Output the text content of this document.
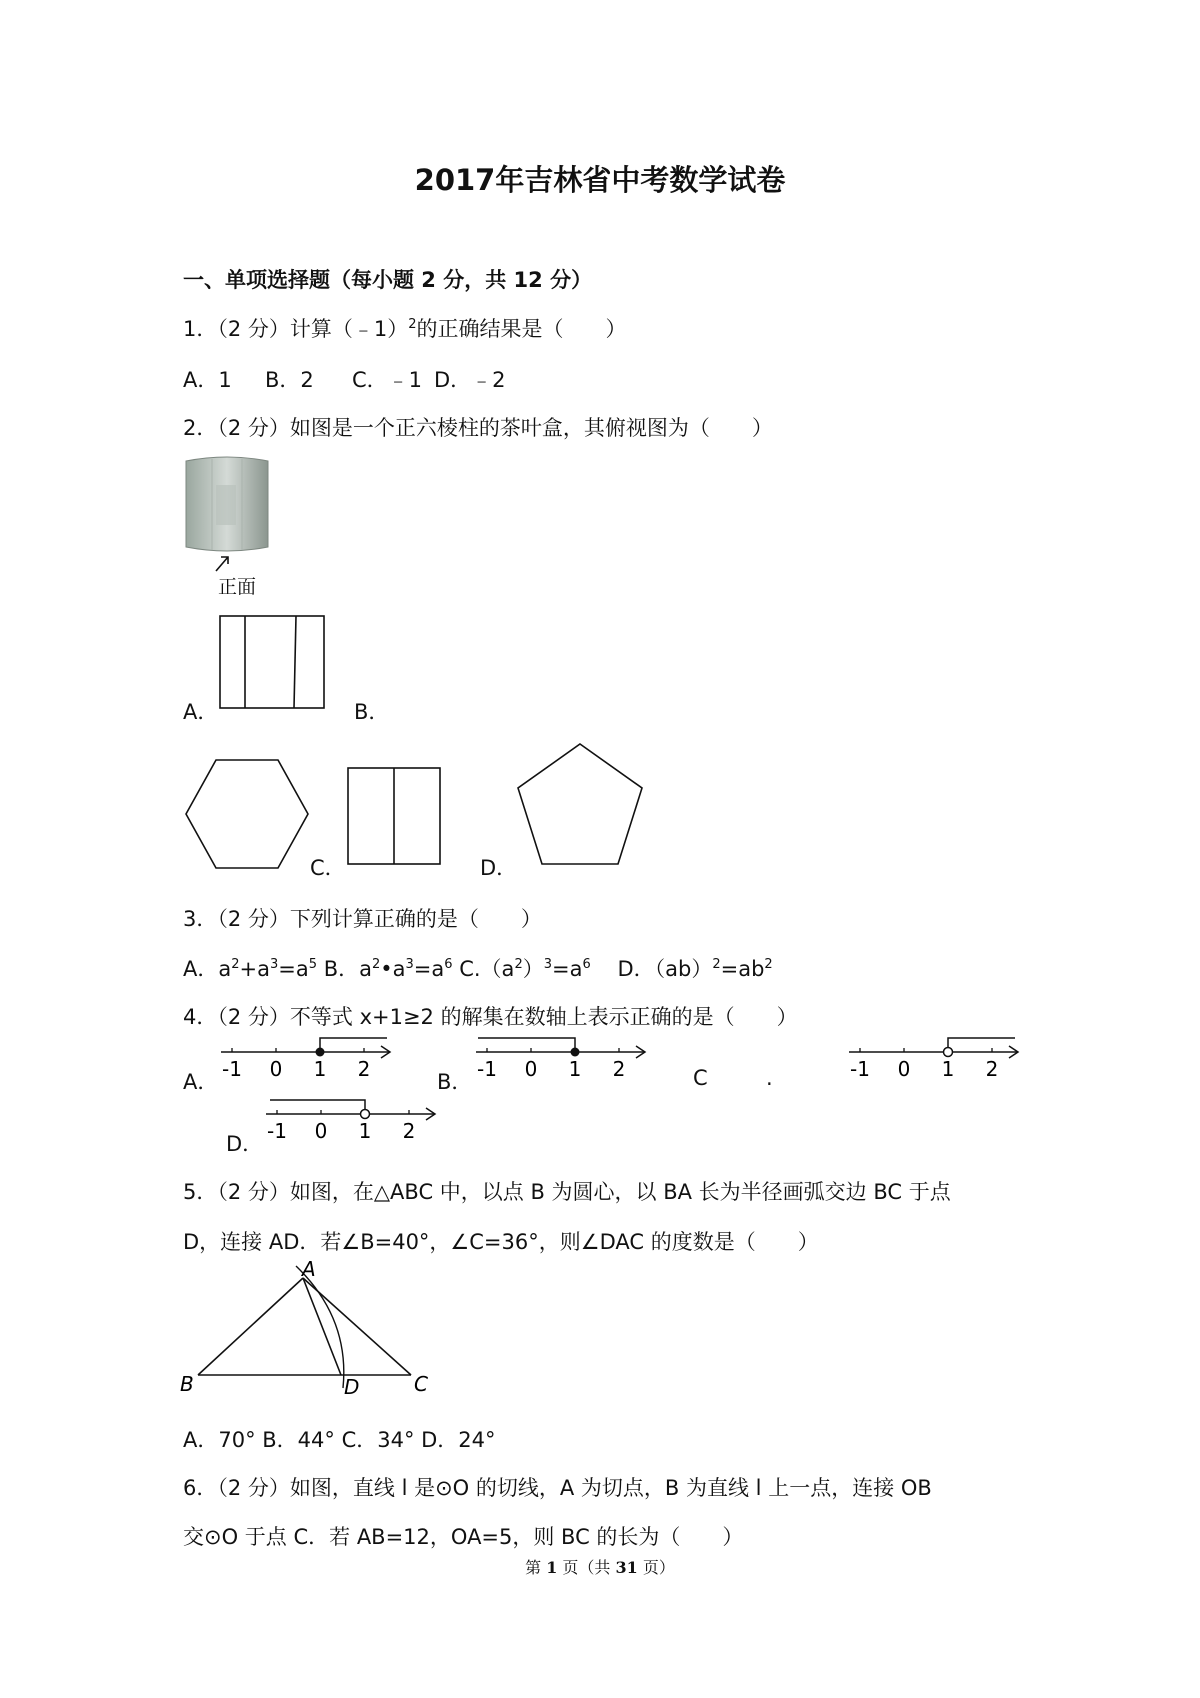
2017年吉林省中考数学试卷
一、单项选择题（每小题 2 分，共 12 分）
1．（2 分）计算（﹣1）$^2$的正确结果是（　　）
A．1 B．2 C．﹣1 D．﹣2
2．（2 分）如图是一个正六棱柱的茶叶盒，其俯视图为（　　）
正面
A．	B．
C．	D．
3．（2 分）下列计算正确的是（　　）
A．$a^2+a^3=a^5$ B．$a^2•a^3=a^6$ $C.(a^2)^3=a^6$    D．$(ab)^2=ab^2$
4．（2 分）不等式 x+1≥2 的解集在数轴上表示正确的是（　　）
A．
-1 0 1 2
B．
-1 0 1 2	C	.	-1 0 1 2
D．
-1 0 1 2
5．（2 分）如图，在△ABC 中，以点 B 为圆心，以 BA 长为半径画弧交边 BC 于点
D，连接 AD．若∠B=40°，∠C=36°，则∠DAC 的度数是（　　）
A
B	C
D
A．70° B．44° C．34° D．24°
6．（2 分）如图，直线 l 是⊙O 的切线，A 为切点，B 为直线 l 上一点，连接 OB
交⊙O 于点 C．若 AB=12，OA=5，则 BC 的长为（　　）
第 1 页（共 31 页）
